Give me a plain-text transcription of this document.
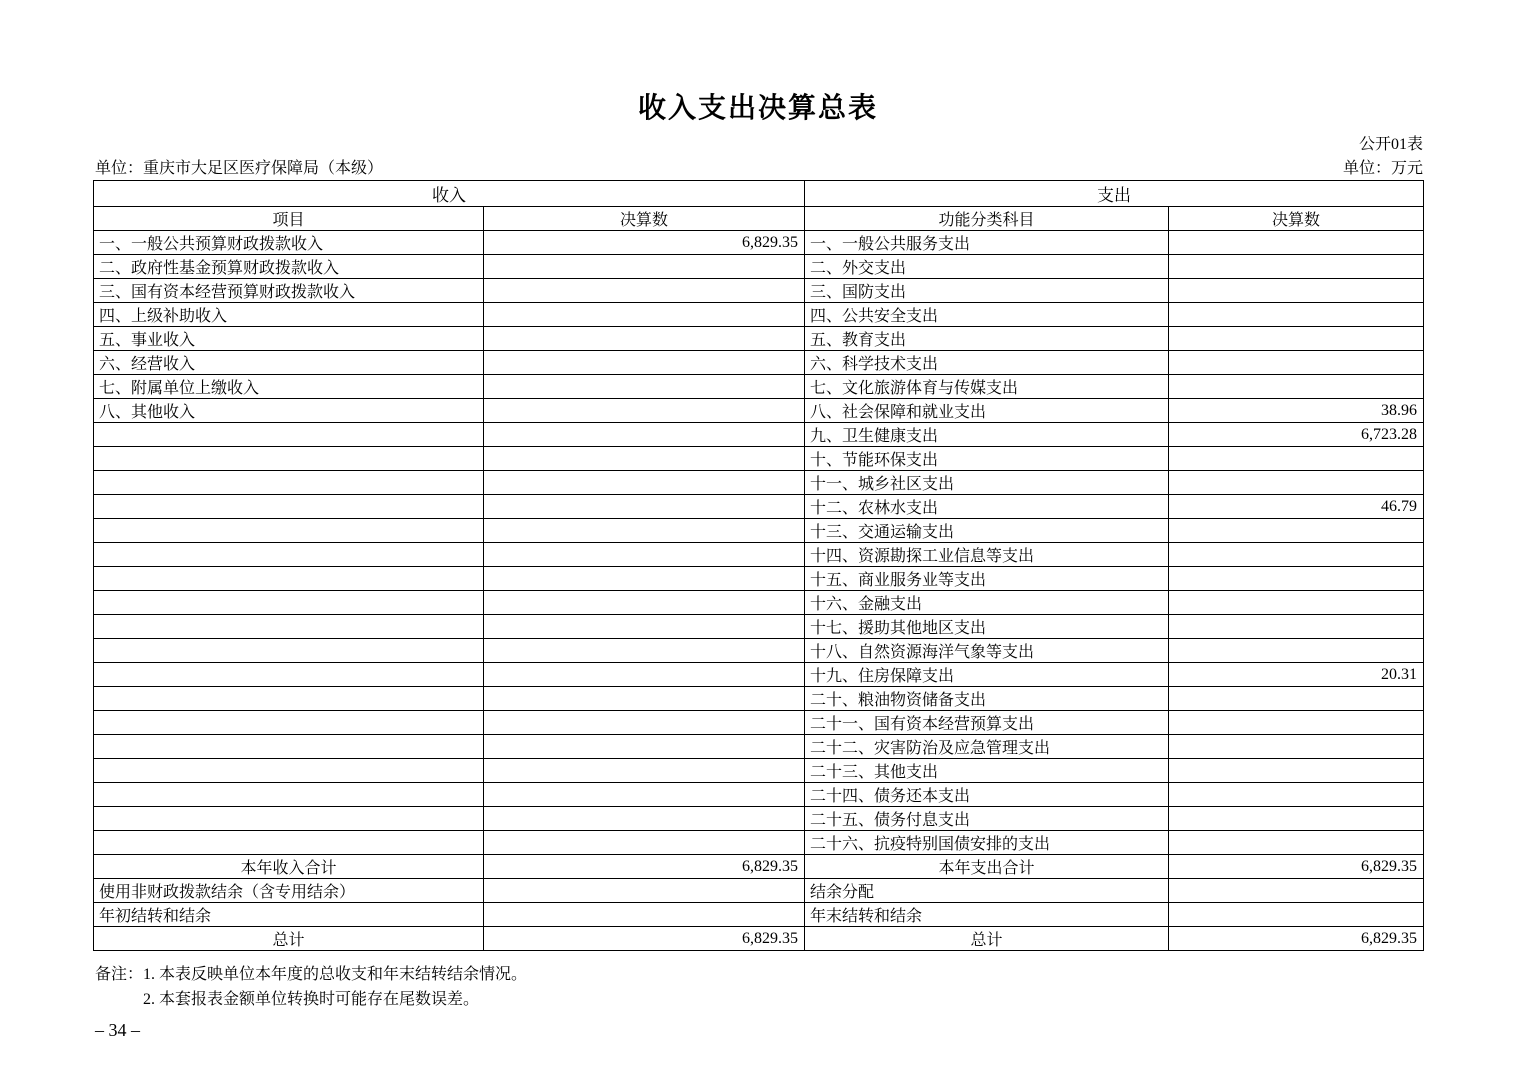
收入支出决算总表
公开01表
单位：重庆市大足区医疗保障局（本级）	单位：万元
收入		支出	
项目	决算数	功能分类科目	决算数
一、一般公共预算财政拨款收入	6,829.35	一、一般公共服务支出	
二、政府性基金预算财政拨款收入		二、外交支出	
三、国有资本经营预算财政拨款收入		三、国防支出	
四、上级补助收入		四、公共安全支出	
五、事业收入		五、教育支出	
六、经营收入		六、科学技术支出	
七、附属单位上缴收入		七、文化旅游体育与传媒支出	
八、其他收入		八、社会保障和就业支出	38.96
		九、卫生健康支出	6,723.28
		十、节能环保支出	
		十一、城乡社区支出	
		十二、农林水支出	46.79
		十三、交通运输支出	
		十四、资源勘探工业信息等支出	
		十五、商业服务业等支出	
		十六、金融支出	
		十七、援助其他地区支出	
		十八、自然资源海洋气象等支出	
		十九、住房保障支出	20.31
		二十、粮油物资储备支出	
		二十一、国有资本经营预算支出	
		二十二、灾害防治及应急管理支出	
		二十三、其他支出	
		二十四、债务还本支出	
		二十五、债务付息支出	
		二十六、抗疫特别国债安排的支出	
本年收入合计	6,829.35	本年支出合计	6,829.35
使用非财政拨款结余（含专用结余）		结余分配	
年初结转和结余		年末结转和结余	
总计	6,829.35	总计	6,829.35
备注： 1. 本表反映单位本年度的总收支和年末结转结余情况。
2. 本套报表金额单位转换时可能存在尾数误差。
– 34 –
